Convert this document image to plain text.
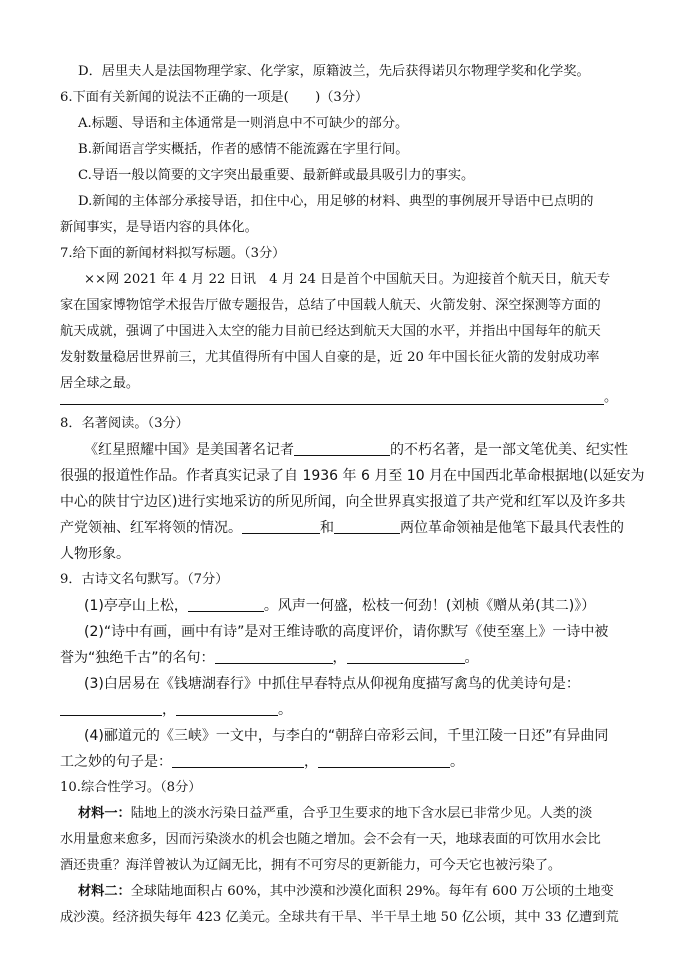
D．居里夫人是法国物理学家、化学家，原籍波兰，先后获得诺贝尔物理学奖和化学奖。
6.下面有关新闻的说法不正确的一项是(　　)（3分）
A.标题、导语和主体通常是一则消息中不可缺少的部分。
B.新闻语言学实概括，作者的感情不能流露在字里行间。
C.导语一般以简要的文字突出最重要、最新鲜或最具吸引力的事实。
D.新闻的主体部分承接导语，扣住中心，用足够的材料、典型的事例展开导语中已点明的
新闻事实，是导语内容的具体化。
7.给下面的新闻材料拟写标题。（3分）
××网 2021 年 4 月 22 日讯　4 月 24 日是首个中国航天日。为迎接首个航天日，航天专
家在国家博物馆学术报告厅做专题报告，总结了中国载人航天、火箭发射、深空探测等方面的
航天成就，强调了中国进入太空的能力目前已经达到航天大国的水平，并指出中国每年的航天
发射数量稳居世界前三，尤其值得所有中国人自豪的是，近 20 年中国长征火箭的发射成功率
居全球之最。
。
8．名著阅读。（3分）
《红星照耀中国》是美国著名记者	的不朽名著，是一部文笔优美、纪实性
很强的报道性作品。作者真实记录了自 1936 年 6 月至 10 月在中国西北革命根据地(以延安为
中心的陕甘宁边区)进行实地采访的所见所闻，向全世界真实报道了共产党和红军以及许多共
产党领袖、红军将领的情况。	和	两位革命领袖是他笔下最具代表性的
人物形象。
9．古诗文名句默写。（7分）
(1)亭亭山上松，	。风声一何盛，松枝一何劲！(刘桢《赠从弟(其二)》）
(2)“诗中有画，画中有诗”是对王维诗歌的高度评价，请你默写《使至塞上》一诗中被
誉为“独绝千古”的名句：	，	。
(3)白居易在《钱塘湖春行》中抓住早春特点从仰视角度描写禽鸟的优美诗句是：
，	。
(4)郦道元的《三峡》一文中，与李白的“朝辞白帝彩云间，千里江陵一日还”有异曲同
工之妙的句子是：	，	。
10.综合性学习。（8分）
材料一：陆地上的淡水污染日益严重，合乎卫生要求的地下含水层已非常少见。人类的淡
水用量愈来愈多，因而污染淡水的机会也随之增加。会不会有一天，地球表面的可饮用水会比
酒还贵重？海洋曾被认为辽阔无比，拥有不可穷尽的更新能力，可今天它也被污染了。
材料二：全球陆地面积占 60%，其中沙漠和沙漠化面积 29%。每年有 600 万公顷的土地变
成沙漠。经济损失每年 423 亿美元。全球共有干旱、半干旱土地 50 亿公顷，其中 33 亿遭到荒
